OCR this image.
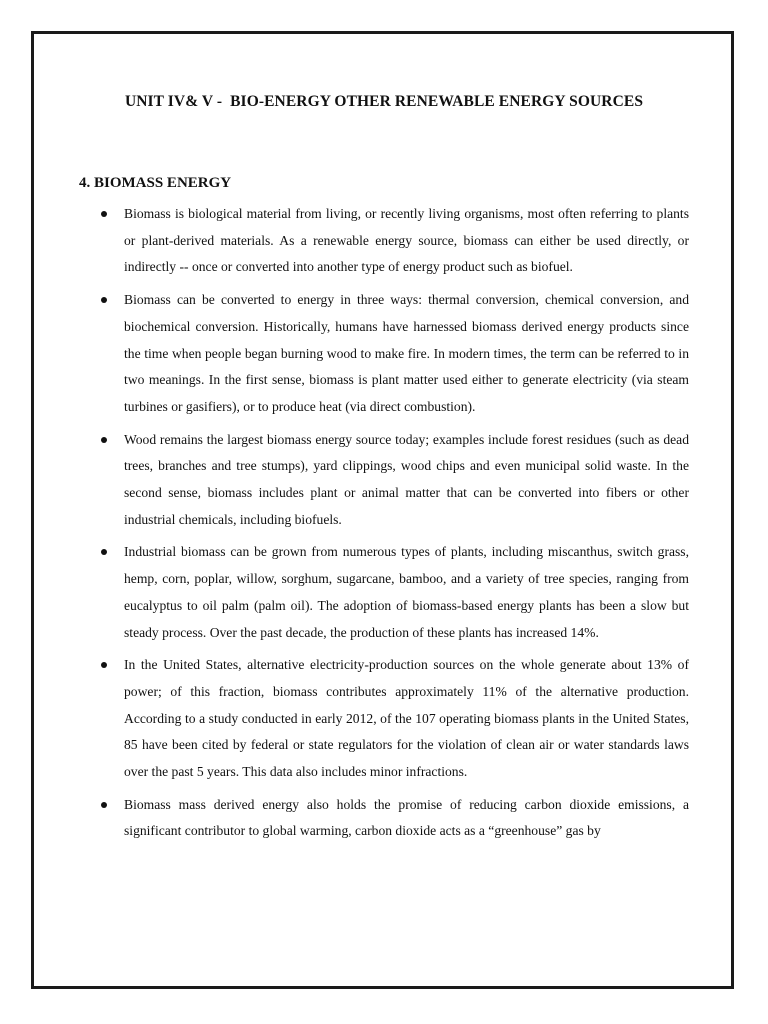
UNIT IV& V -  BIO-ENERGY OTHER RENEWABLE ENERGY SOURCES
4. BIOMASS ENERGY
Biomass is biological material from living, or recently living organisms, most often referring to plants or plant-derived materials. As a renewable energy source, biomass can either be used directly, or indirectly -- once or converted into another type of energy product such as biofuel.
Biomass can be converted to energy in three ways: thermal conversion, chemical conversion, and biochemical conversion. Historically, humans have harnessed biomass derived energy products since the time when people began burning wood to make fire. In modern times, the term can be referred to in two meanings. In the first sense, biomass is plant matter used either to generate electricity (via steam turbines or gasifiers), or to produce heat (via direct combustion).
Wood remains the largest biomass energy source today; examples include forest residues (such as dead trees, branches and tree stumps), yard clippings, wood chips and even municipal solid waste. In the second sense, biomass includes plant or animal matter that can be converted into fibers or other industrial chemicals, including biofuels.
Industrial biomass can be grown from numerous types of plants, including miscanthus, switch grass, hemp, corn, poplar, willow, sorghum, sugarcane, bamboo, and a variety of tree species, ranging from eucalyptus to oil palm (palm oil). The adoption of biomass-based energy plants has been a slow but steady process. Over the past decade, the production of these plants has increased 14%.
In the United States, alternative electricity-production sources on the whole generate about 13% of power; of this fraction, biomass contributes approximately 11% of the alternative production. According to a study conducted in early 2012, of the 107 operating biomass plants in the United States, 85 have been cited by federal or state regulators for the violation of clean air or water standards laws over the past 5 years. This data also includes minor infractions.
Biomass mass derived energy also holds the promise of reducing carbon dioxide emissions, a significant contributor to global warming, carbon dioxide acts as a “greenhouse” gas by
